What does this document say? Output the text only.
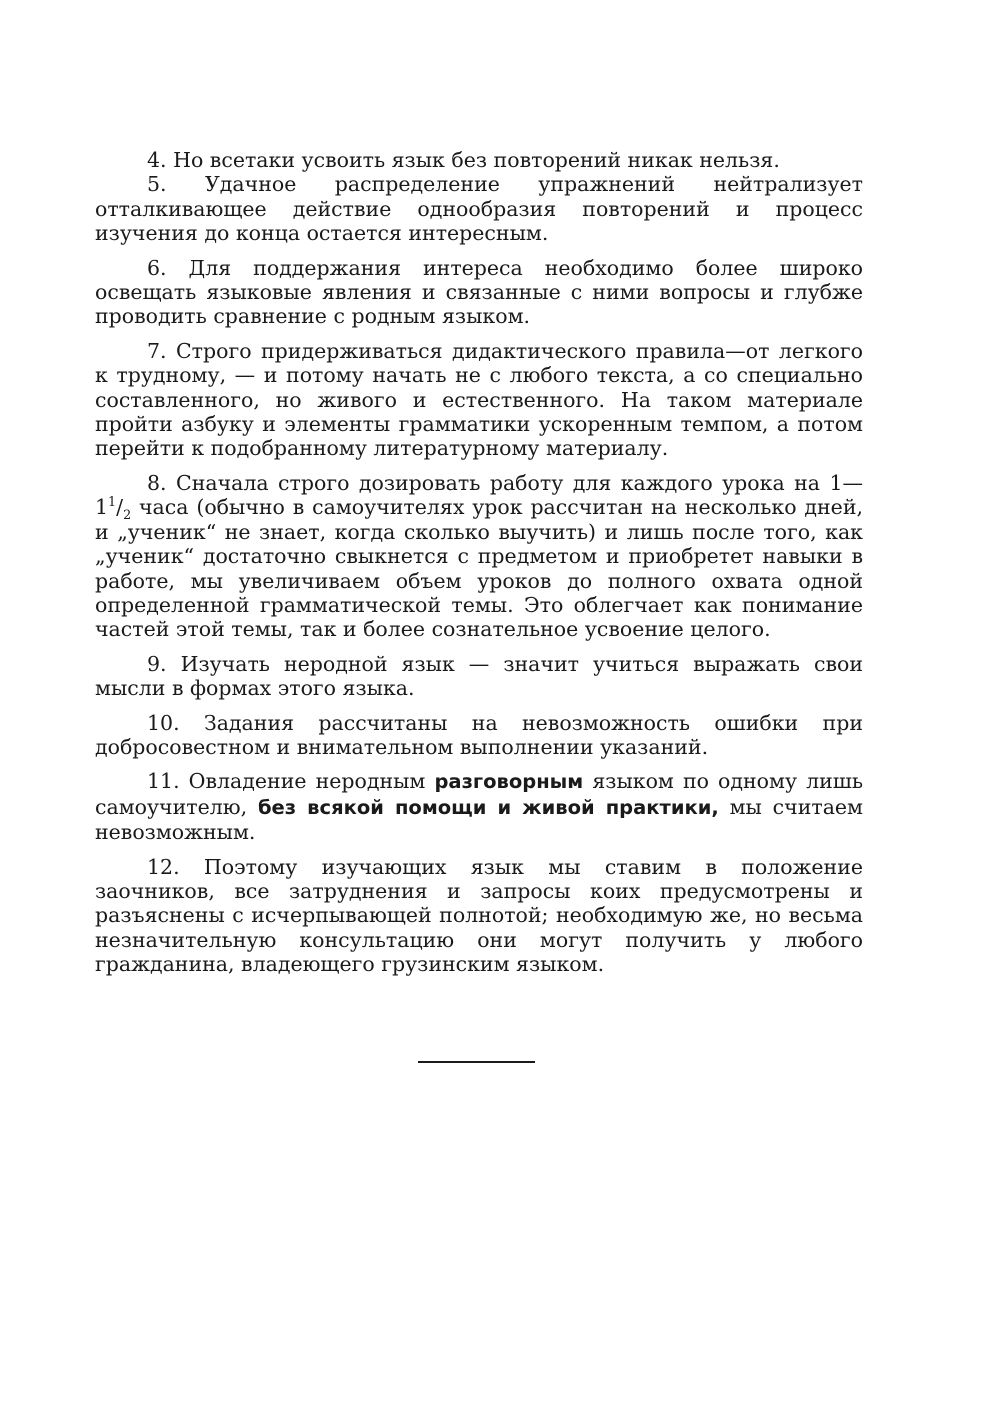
4. Но всетаки усвоить язык без повторений никак нельзя.

5. Удачное распределение упражнений нейтрализует отталкивающее действие однообразия повторений и процесс изучения до конца остается интересным.

6. Для поддержания интереса необходимо более широко освещать языковые явления и связанные с ними вопросы и глубже проводить сравнение с родным языком.

7. Строго придерживаться дидактического правила—от легкого к трудному, — и потому начать не с любого текста, а со специально составленного, но живого и естественного. На таком материале пройти азбуку и элементы грамматики ускоренным темпом, а потом перейти к подобранному литературному материалу.

8. Сначала строго дозировать работу для каждого урока на $1—1^1/_2$ часа (обычно в самоучителях урок рассчитан на несколько дней, и „ученик“ не знает, когда сколько выучить) и лишь после того, как „ученик“ достаточно свыкнется с предметом и приобретет навыки в работе, мы увеличиваем объем уроков до полного охвата одной определенной грамматической темы. Это облегчает как понимание частей этой темы, так и более сознательное усвоение целого.

9. Изучать неродной язык — значит учиться выражать свои мысли в формах этого языка.

10. Задания рассчитаны на невозможность ошибки при добросовестном и внимательном выполнении указаний.

11. Овладение неродным разговорным языком по одному лишь самоучителю, без всякой помощи и живой практики, мы считаем невозможным.

12. Поэтому изучающих язык мы ставим в положение заочников, все затруднения и запросы коих предусмотрены и разъяснены с исчерпывающей полнотой; необходимую же, но весьма незначительную консультацию они могут получить у любого гражданина, владеющего грузинским языком.
